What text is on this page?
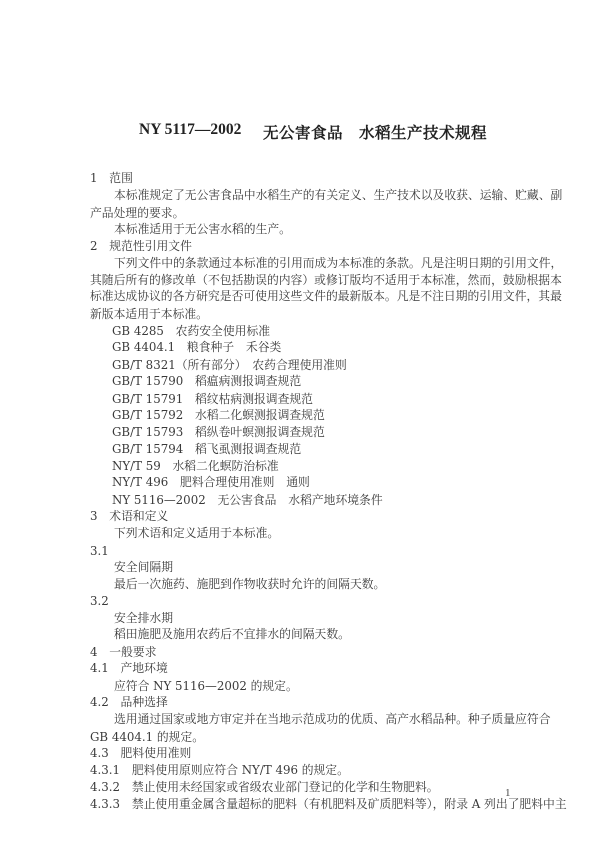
NY 5117—2002 无公害食品　水稻生产技术规程
1　范围
本标准规定了无公害食品中水稻生产的有关定义、生产技术以及收获、运输、贮藏、副
产品处理的要求。
本标准适用于无公害水稻的生产。
2　规范性引用文件
下列文件中的条款通过本标准的引用而成为本标准的条款。凡是注明日期的引用文件，
其随后所有的修改单（不包括勘误的内容）或修订版均不适用于本标准，然而，鼓励根据本
标准达成协议的各方研究是否可使用这些文件的最新版本。凡是不注日期的引用文件，其最
新版本适用于本标准。
GB 4285　农药安全使用标准
GB 4404.1　粮食种子　禾谷类
GB/T 8321（所有部分）　农药合理使用准则
GB/T 15790　稻瘟病测报调查规范
GB/T 15791　稻纹枯病测报调查规范
GB/T 15792　水稻二化螟测报调查规范
GB/T 15793　稻纵卷叶螟测报调查规范
GB/T 15794　稻飞虱测报调查规范
NY/T 59　水稻二化螟防治标准
NY/T 496　肥料合理使用准则　通则
NY 5116—2002　无公害食品　水稻产地环境条件
3　术语和定义
下列术语和定义适用于本标准。
3.1
安全间隔期
最后一次施药、施肥到作物收获时允许的间隔天数。
3.2
安全排水期
稻田施肥及施用农药后不宜排水的间隔天数。
4　一般要求
4.1　产地环境
应符合 NY 5116—2002 的规定。
4.2　品种选择
选用通过国家或地方审定并在当地示范成功的优质、高产水稻品种。种子质量应符合
GB 4404.1 的规定。
4.3　肥料使用准则
4.3.1　肥料使用原则应符合 NY/T 496 的规定。
4.3.2　禁止使用未经国家或省级农业部门登记的化学和生物肥料。
4.3.3　禁止使用重金属含量超标的肥料（有机肥料及矿质肥料等），附录 A 列出了肥料中主
1
